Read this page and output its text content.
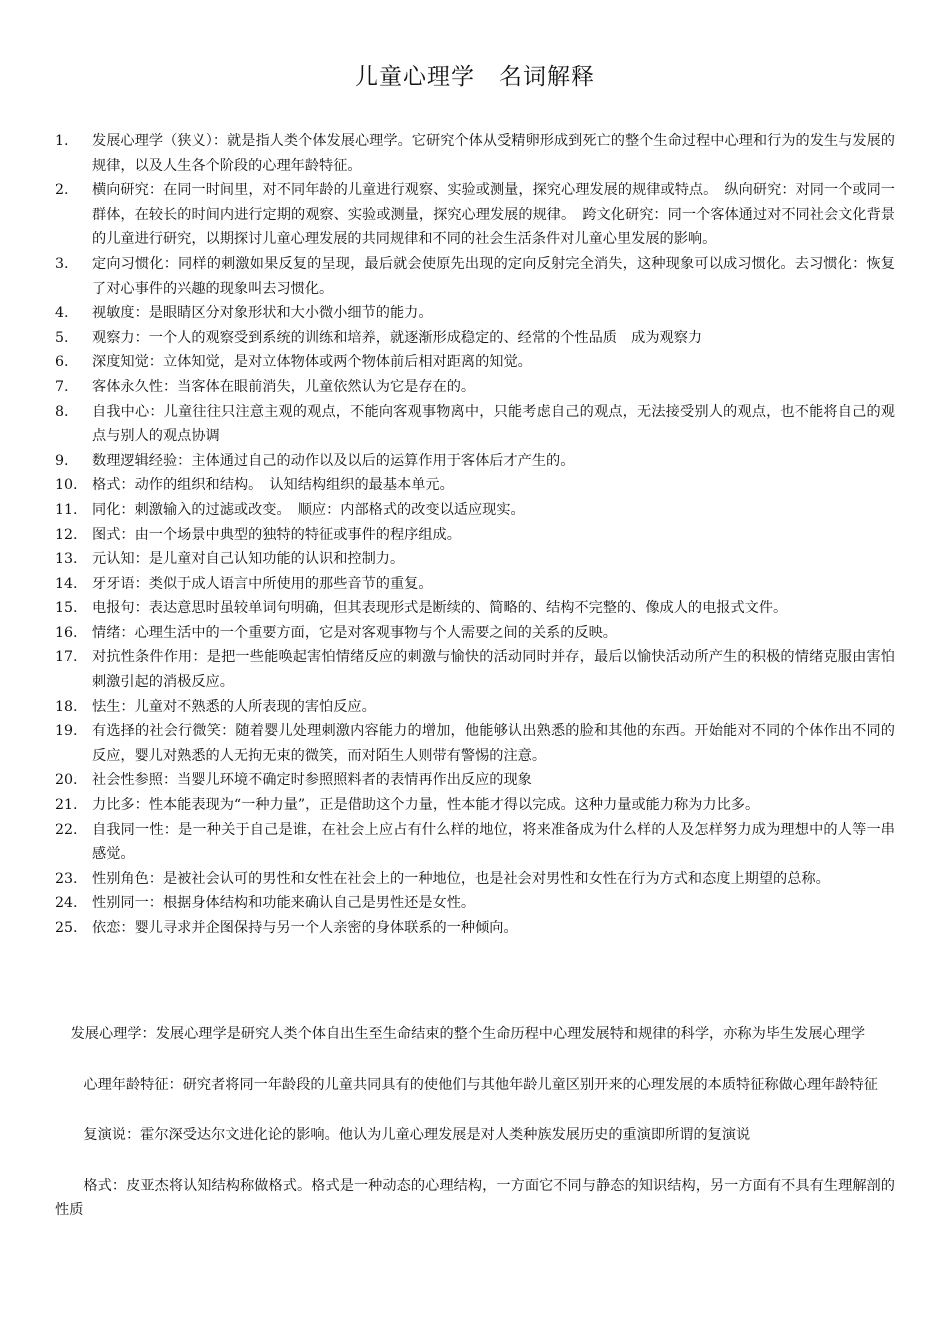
儿童心理学　名词解释
1. 发展心理学（狭义）：就是指人类个体发展心理学。它研究个体从受精卵形成到死亡的整个生命过程中心理和行为的发生与发展的规律，以及人生各个阶段的心理年龄特征。
2. 横向研究：在同一时间里，对不同年龄的儿童进行观察、实验或测量，探究心理发展的规律或特点。　纵向研究：对同一个或同一群体，在较长的时间内进行定期的观察、实验或测量，探究心理发展的规律。　跨文化研究：同一个客体通过对不同社会文化背景的儿童进行研究，以期探讨儿童心理发展的共同规律和不同的社会生活条件对儿童心里发展的影响。
3. 定向习惯化：同样的刺激如果反复的呈现，最后就会使原先出现的定向反射完全消失，这种现象可以成习惯化。去习惯化：恢复了对心事件的兴趣的现象叫去习惯化。
4. 视敏度：是眼睛区分对象形状和大小微小细节的能力。
5. 观察力：一个人的观察受到系统的训练和培养，就逐渐形成稳定的、经常的个性品质　成为观察力
6. 深度知觉：立体知觉，是对立体物体或两个物体前后相对距离的知觉。
7. 客体永久性：当客体在眼前消失，儿童依然认为它是存在的。
8. 自我中心：儿童往往只注意主观的观点，不能向客观事物离中，只能考虑自己的观点，无法接受别人的观点，也不能将自己的观点与别人的观点协调
9. 数理逻辑经验：主体通过自己的动作以及以后的运算作用于客体后才产生的。
10. 格式：动作的组织和结构。　认知结构组织的最基本单元。
11. 同化：刺激输入的过滤或改变。　顺应：内部格式的改变以适应现实。
12. 图式：由一个场景中典型的独特的特征或事件的程序组成。
13. 元认知：是儿童对自己认知功能的认识和控制力。
14. 牙牙语：类似于成人语言中所使用的那些音节的重复。
15. 电报句：表达意思时虽较单词句明确，但其表现形式是断续的、简略的、结构不完整的、像成人的电报式文件。
16. 情绪：心理生活中的一个重要方面，它是对客观事物与个人需要之间的关系的反映。
17. 对抗性条件作用：是把一些能唤起害怕情绪反应的刺激与愉快的活动同时并存，最后以愉快活动所产生的积极的情绪克服由害怕刺激引起的消极反应。
18. 怯生：儿童对不熟悉的人所表现的害怕反应。
19. 有选择的社会行微笑：随着婴儿处理刺激内容能力的增加，他能够认出熟悉的脸和其他的东西。开始能对不同的个体作出不同的反应，婴儿对熟悉的人无拘无束的微笑，而对陌生人则带有警惕的注意。
20. 社会性参照：当婴儿环境不确定时参照照料者的表情再作出反应的现象
21. 力比多：性本能表现为“一种力量”，正是借助这个力量，性本能才得以完成。这种力量或能力称为力比多。
22. 自我同一性：是一种关于自己是谁，在社会上应占有什么样的地位，将来准备成为什么样的人及怎样努力成为理想中的人等一串感觉。
23. 性别角色：是被社会认可的男性和女性在社会上的一种地位，也是社会对男性和女性在行为方式和态度上期望的总称。
24. 性别同一：根据身体结构和功能来确认自己是男性还是女性。
25. 依恋：婴儿寻求并企图保持与另一个人亲密的身体联系的一种倾向。

发展心理学：发展心理学是研究人类个体自出生至生命结束的整个生命历程中心理发展特和规律的科学，亦称为毕生发展心理学

心理年龄特征：研究者将同一年龄段的儿童共同具有的使他们与其他年龄儿童区别开来的心理发展的本质特征称做心理年龄特征

复演说：霍尔深受达尔文进化论的影响。他认为儿童心理发展是对人类种族发展历史的重演即所谓的复演说

格式：皮亚杰将认知结构称做格式。格式是一种动态的心理结构，一方面它不同与静态的知识结构，另一方面有不具有生理解剖的性质
